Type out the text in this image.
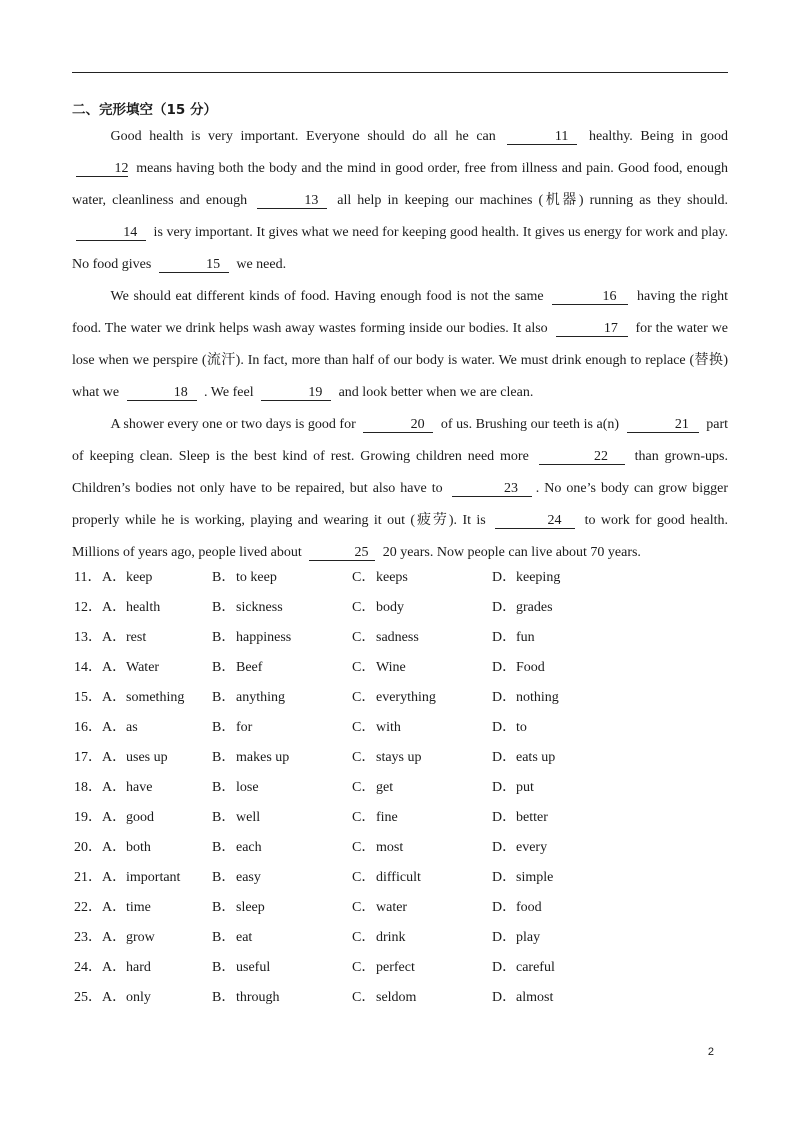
二、完形填空（15 分）

Good health is very important. Everyone should do all he can	11 healthy. Being in good 12 means having both the body and the mind in good order, free from illness and pain. Good food, enough water, cleanliness and enough	13 all help in keeping our machines (机器) running as they should. 14 is very important. It gives what we need for keeping good health. It gives us energy for work and play. No food gives	15 we need.

We should eat different kinds of food. Having enough food is not the same	16 having the right food. The water we drink helps wash away wastes forming inside our bodies. It also	17 for the water we lose when we perspire (流汗). In fact, more than half of our body is water. We must drink enough to replace (替换) what we	18 . We feel	19 and look better when we are clean.

A shower every one or two days is good for	20 of us. Brushing our teeth is a(n)	21 part of keeping clean. Sleep is the best kind of rest. Growing children need more	22 than grown-ups. Children’s bodies not only have to be repaired, but also have to	23 . No one’s body can grow bigger properly while he is working, playing and wearing it out (疲劳). It is	24 to work for good health. Millions of years ago, people lived about	25 20 years. Now people can live about 70 years.

11． A． keep	B． to keep	C． keeps	D． keeping
12． A． health	B． sickness	C． body	D． grades
13． A． rest	B． happiness	C． sadness	D． fun
14． A． Water	B． Beef	C． Wine	D． Food
15． A． something B． anything	C． everything	D． nothing
16． A． as	B． for	C． with	D． to
17． A． uses up	B． makes up	C． stays up	D． eats up
18． A． have	B． lose	C． get	D． put
19． A． good	B． well	C． fine	D． better
20． A． both	B． each	C． most	D． every
21． A． important B． easy	C． difficult	D． simple
22． A． time	B． sleep	C． water	D． food
23． A． grow	B． eat	C． drink	D． play
24． A． hard	B． useful	C． perfect	D． careful
25． A． only	B． through	C． seldom	D． almost
2
